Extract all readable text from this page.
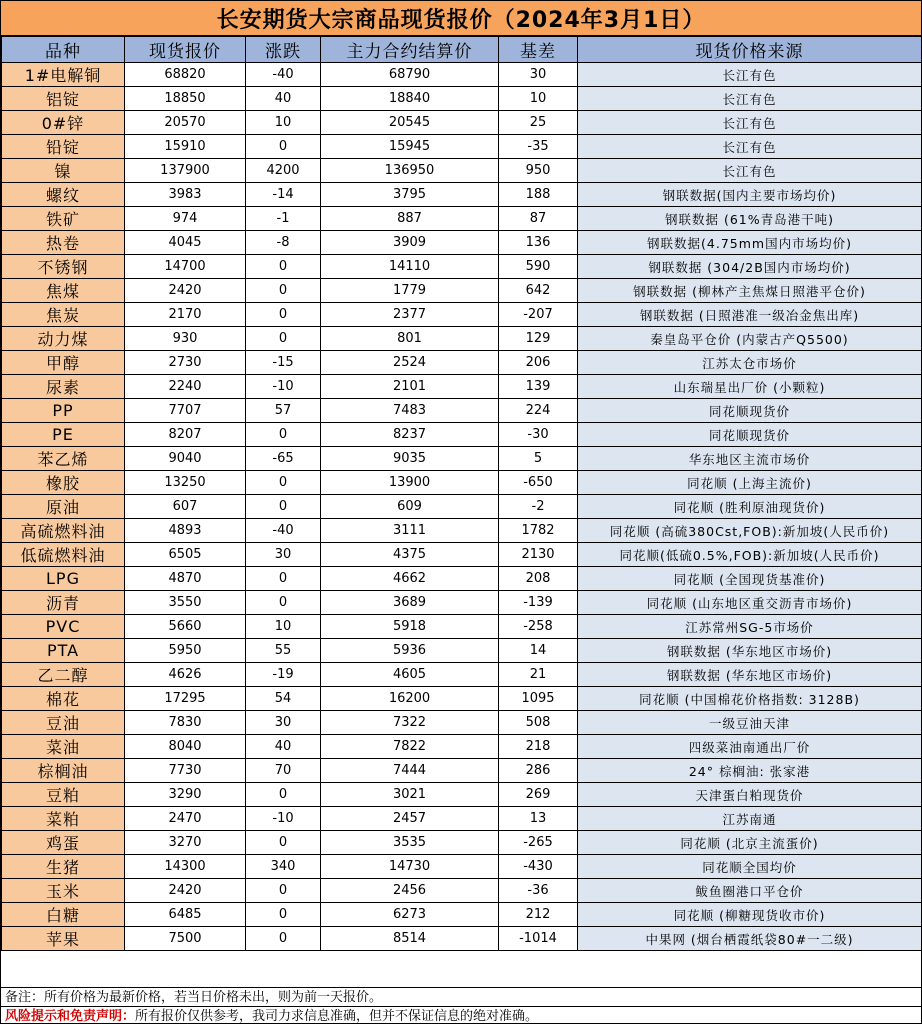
长安期货大宗商品现货报价（2024年3月1日）
品种	现货报价	涨跌	主力合约结算价	基差	现货价格来源
1#电解铜	68820	-40	68790	30	长江有色
铝锭	18850	40	18840	10	长江有色
0#锌	20570	10	20545	25	长江有色
铅锭	15910	0	15945	-35	长江有色
镍	137900	4200	136950	950	长江有色
螺纹	3983	-14	3795	188	钢联数据(国内主要市场均价)
铁矿	974	-1	887	87	钢联数据 (61%青岛港干吨)
热卷	4045	-8	3909	136	钢联数据(4.75mm国内市场均价)
不锈钢	14700	0	14110	590	钢联数据 (304/2B国内市场均价)
焦煤	2420	0	1779	642	钢联数据 (柳林产主焦煤日照港平仓价)
焦炭	2170	0	2377	-207	钢联数据 (日照港准一级冶金焦出库)
动力煤	930	0	801	129	秦皇岛平仓价 (内蒙古产Q5500)
甲醇	2730	-15	2524	206	江苏太仓市场价
尿素	2240	-10	2101	139	山东瑞星出厂价 (小颗粒)
PP	7707	57	7483	224	同花顺现货价
PE	8207	0	8237	-30	同花顺现货价
苯乙烯	9040	-65	9035	5	华东地区主流市场价
橡胶	13250	0	13900	-650	同花顺 (上海主流价)
原油	607	0	609	-2	同花顺 (胜利原油现货价)
高硫燃料油	4893	-40	3111	1782	同花顺 (高硫380Cst,FOB):新加坡(人民币价)
低硫燃料油	6505	30	4375	2130	同花顺(低硫0.5%,FOB):新加坡(人民币价)
LPG	4870	0	4662	208	同花顺 (全国现货基准价)
沥青	3550	0	3689	-139	同花顺 (山东地区重交沥青市场价)
PVC	5660	10	5918	-258	江苏常州SG-5市场价
PTA	5950	55	5936	14	钢联数据 (华东地区市场价)
乙二醇	4626	-19	4605	21	钢联数据 (华东地区市场价)
棉花	17295	54	16200	1095	同花顺 (中国棉花价格指数: 3128B)
豆油	7830	30	7322	508	一级豆油天津
菜油	8040	40	7822	218	四级菜油南通出厂价
棕榈油	7730	70	7444	286	24° 棕榈油: 张家港
豆粕	3290	0	3021	269	天津蛋白粕现货价
菜粕	2470	-10	2457	13	江苏南通
鸡蛋	3270	0	3535	-265	同花顺 (北京主流蛋价)
生猪	14300	340	14730	-430	同花顺全国均价
玉米	2420	0	2456	-36	鲅鱼圈港口平仓价
白糖	6485	0	6273	212	同花顺 (柳糖现货收市价)
苹果	7500	0	8514	-1014	中果网 (烟台栖霞纸袋80#一二级)
备注：所有价格为最新价格，若当日价格未出，则为前一天报价。
风险提示和免责声明：所有报价仅供参考，我司力求信息准确，但并不保证信息的绝对准确。
